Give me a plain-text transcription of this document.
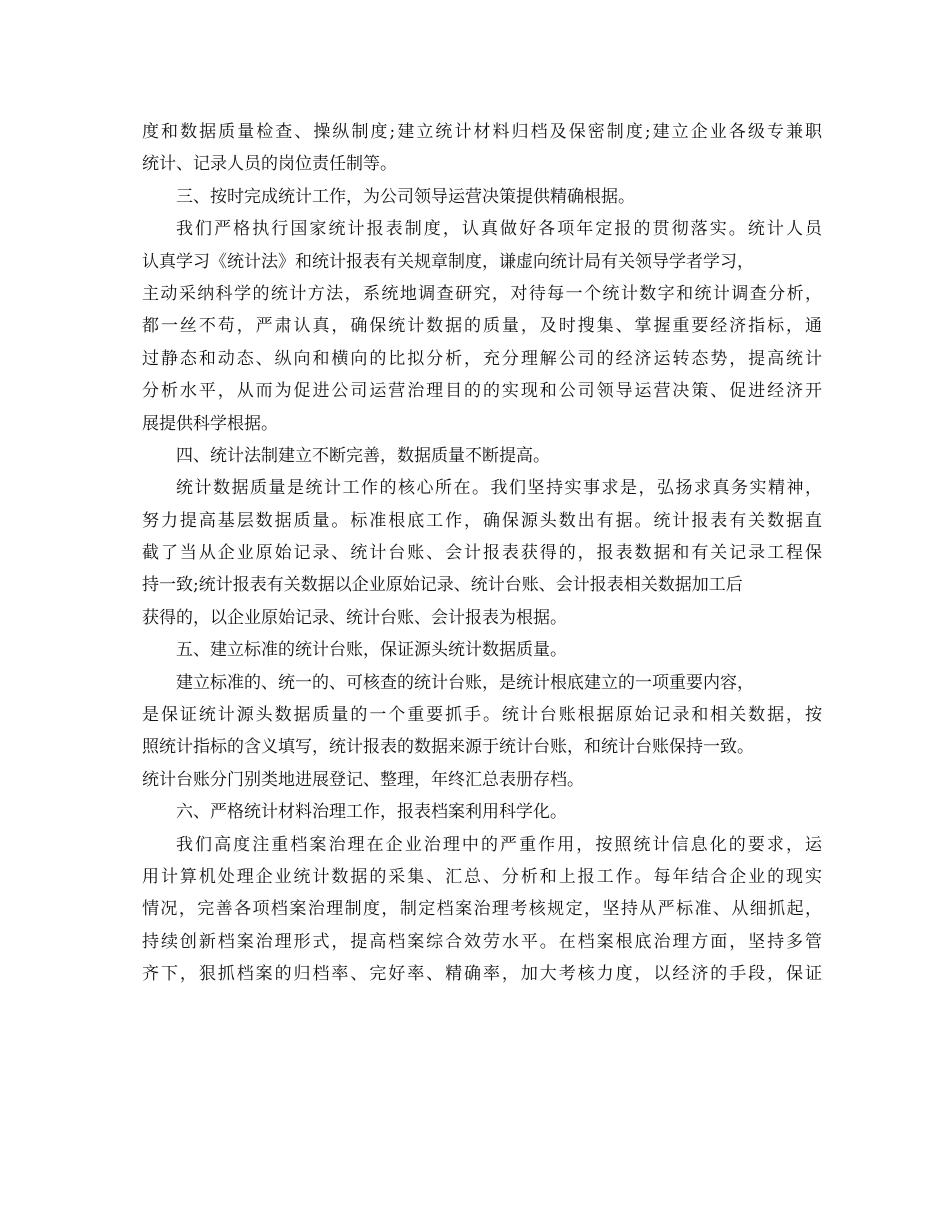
度和数据质量检查、操纵制度;建立统计材料归档及保密制度;建立企业各级专兼职
统计、记录人员的岗位责任制等。
三、按时完成统计工作，为公司领导运营决策提供精确根据。
我们严格执行国家统计报表制度，认真做好各项年定报的贯彻落实。统计人员
认真学习《统计法》和统计报表有关规章制度，谦虚向统计局有关领导学者学习，
主动采纳科学的统计方法，系统地调查研究，对待每一个统计数字和统计调查分析，
都一丝不苟，严肃认真，确保统计数据的质量，及时搜集、掌握重要经济指标，通
过静态和动态、纵向和横向的比拟分析，充分理解公司的经济运转态势，提高统计
分析水平，从而为促进公司运营治理目的的实现和公司领导运营决策、促进经济开
展提供科学根据。
四、统计法制建立不断完善，数据质量不断提高。
统计数据质量是统计工作的核心所在。我们坚持实事求是，弘扬求真务实精神，
努力提高基层数据质量。标准根底工作，确保源头数出有据。统计报表有关数据直
截了当从企业原始记录、统计台账、会计报表获得的，报表数据和有关记录工程保
持一致;统计报表有关数据以企业原始记录、统计台账、会计报表相关数据加工后
获得的，以企业原始记录、统计台账、会计报表为根据。
五、建立标准的统计台账，保证源头统计数据质量。
建立标准的、统一的、可核查的统计台账，是统计根底建立的一项重要内容，
是保证统计源头数据质量的一个重要抓手。统计台账根据原始记录和相关数据，按
照统计指标的含义填写，统计报表的数据来源于统计台账，和统计台账保持一致。
统计台账分门别类地进展登记、整理，年终汇总表册存档。
六、严格统计材料治理工作，报表档案利用科学化。
我们高度注重档案治理在企业治理中的严重作用，按照统计信息化的要求，运
用计算机处理企业统计数据的采集、汇总、分析和上报工作。每年结合企业的现实
情况，完善各项档案治理制度，制定档案治理考核规定，坚持从严标准、从细抓起，
持续创新档案治理形式，提高档案综合效劳水平。在档案根底治理方面，坚持多管
齐下，狠抓档案的归档率、完好率、精确率，加大考核力度，以经济的手段，保证
